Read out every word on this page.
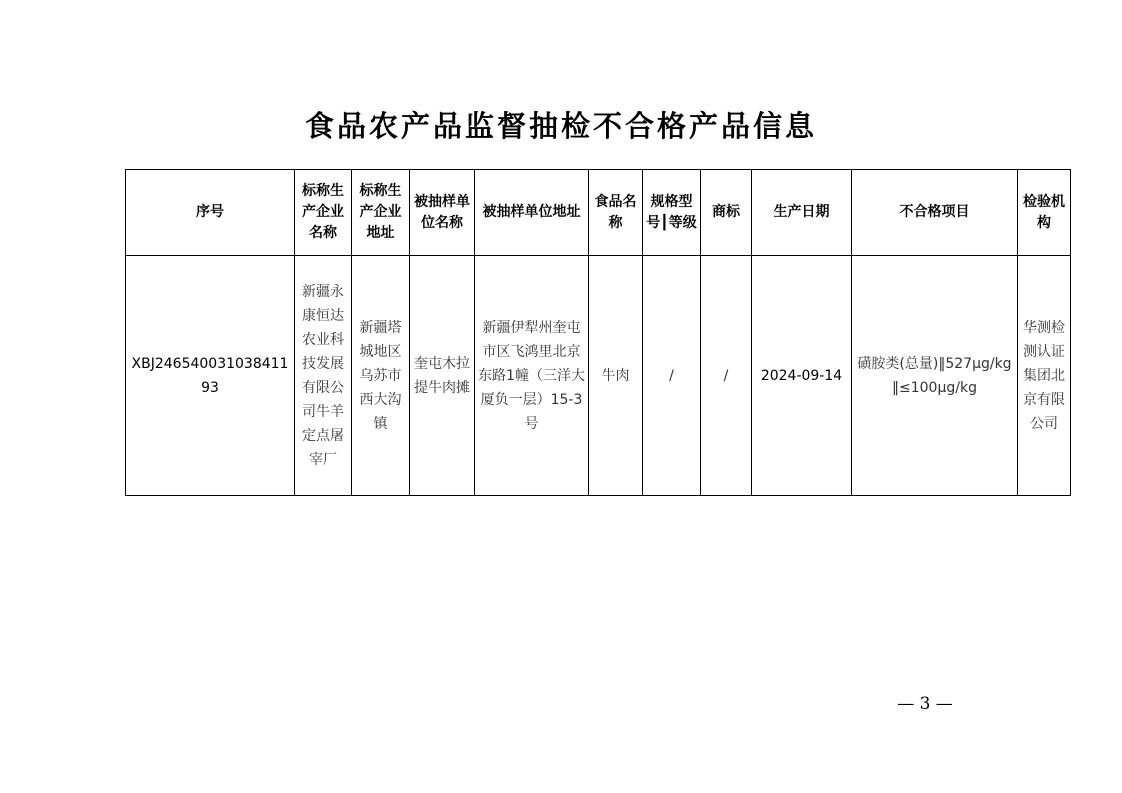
食品农产品监督抽检不合格产品信息
序号	标称生产企业名称	标称生产企业地址	被抽样单位名称	被抽样单位地址	食品名称	规格型号┃等级	商标	生产日期	不合格项目	检验机构
XBJ24654003103841193	新疆永康恒达农业科技发展有限公司牛羊定点屠宰厂	新疆塔城地区乌苏市西大沟镇	奎屯木拉提牛肉摊	新疆伊犁州奎屯市区飞鸿里北京东路1幢（三洋大厦负一层）15-3号	牛肉	/	/	2024-09-14	磺胺类(总量)‖527μg/kg‖≤100μg/kg	华测检测认证集团北京有限公司
— 3 —
